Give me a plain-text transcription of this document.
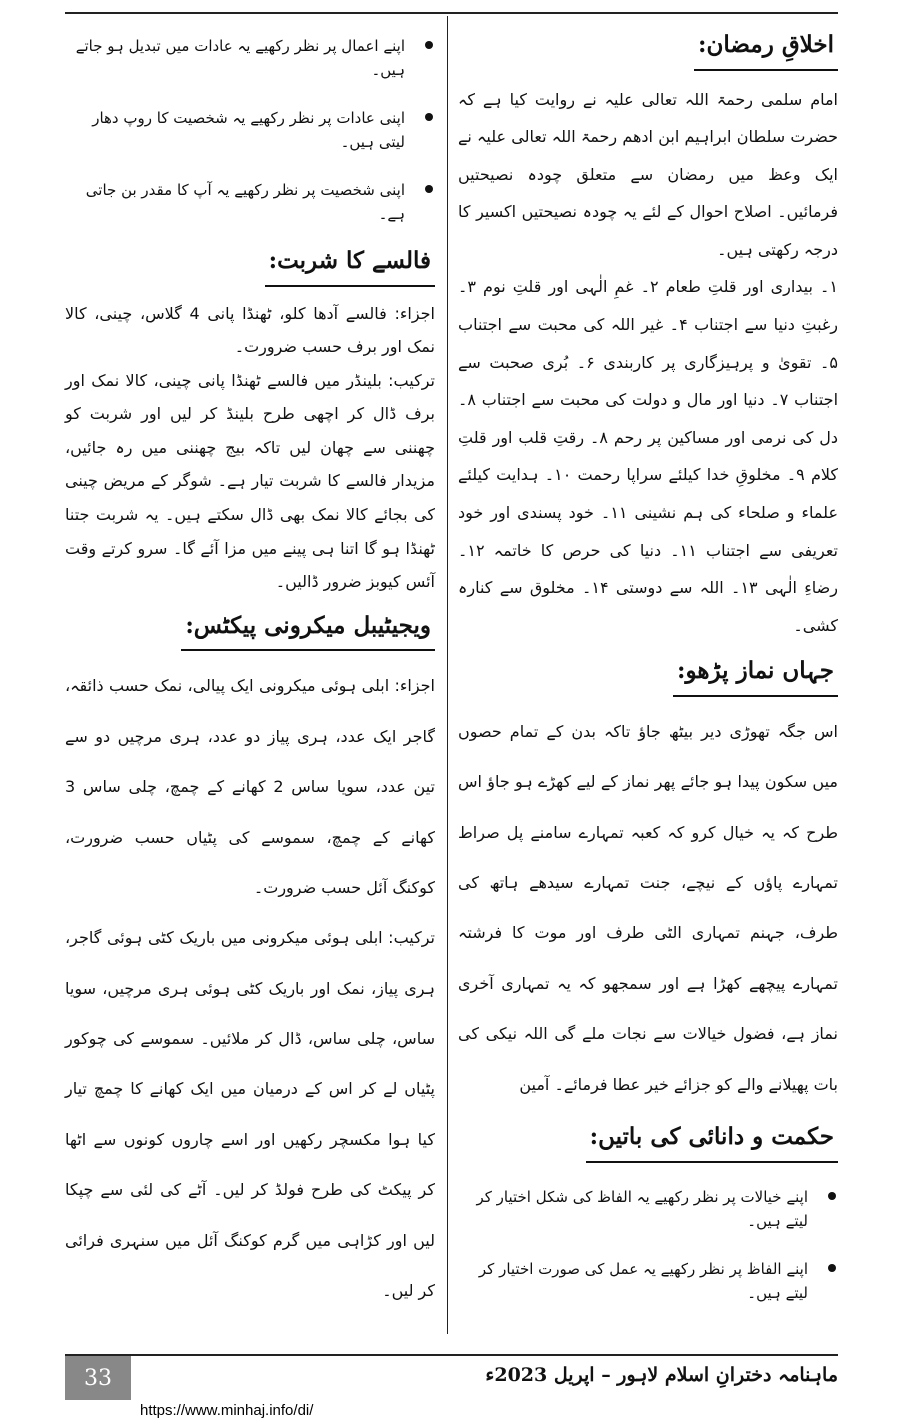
اخلاقِ رمضان:

امام سلمی رحمۃ اللہ تعالی علیہ نے روایت کیا ہے کہ حضرت سلطان ابراہیم ابن ادھم رحمۃ اللہ تعالی علیہ نے ایک وعظ میں رمضان سے متعلق چودہ نصیحتیں فرمائیں۔ اصلاح احوال کے لئے یہ چودہ نصیحتیں اکسیر کا درجہ رکھتی ہیں۔

۱۔ بیداری اور قلتِ طعام ۲۔ غمِ الٰہی اور قلتِ نوم ۳۔ رغبتِ دنیا سے اجتناب ۴۔ غیر اللہ کی محبت سے اجتناب ۵۔ تقویٰ و پرہیزگاری پر کاربندی ۶۔ بُری صحبت سے اجتناب ۷۔ دنیا اور مال و دولت کی محبت سے اجتناب ۸۔ دل کی نرمی اور مساکین پر رحم ۸۔ رقتِ قلب اور قلتِ کلام ۹۔ مخلوقِ خدا کیلئے سراپا رحمت ۱۰۔ ہدایت کیلئے علماء و صلحاء کی ہم نشینی ۱۱۔ خود پسندی اور خود تعریفی سے اجتناب ۱۱۔ دنیا کی حرص کا خاتمہ ۱۲۔ رضاءِ الٰہی ۱۳۔ اللہ سے دوستی ۱۴۔ مخلوق سے کنارہ کشی۔

جہاں نماز پڑھو:

اس جگہ تھوڑی دیر بیٹھ جاؤ تاکہ بدن کے تمام حصوں میں سکون پیدا ہو جائے پھر نماز کے لیے کھڑے ہو جاؤ اس طرح کہ یہ خیال کرو کہ کعبہ تمہارے سامنے پل صراط تمہارے پاؤں کے نیچے، جنت تمہارے سیدھے ہاتھ کی طرف، جہنم تمہاری الٹی طرف اور موت کا فرشتہ تمہارے پیچھے کھڑا ہے اور سمجھو کہ یہ تمہاری آخری نماز ہے، فضول خیالات سے نجات ملے گی اللہ نیکی کی بات پھیلانے والے کو جزائے خیر عطا فرمائے۔ آمین

حکمت و دانائی کی باتیں:
اپنے خیالات پر نظر رکھیے یہ الفاظ کی شکل اختیار کر لیتے ہیں۔
اپنے الفاظ پر نظر رکھیے یہ عمل کی صورت اختیار کر لیتے ہیں۔
اپنے اعمال پر نظر رکھیے یہ عادات میں تبدیل ہو جاتے ہیں۔
اپنی عادات پر نظر رکھیے یہ شخصیت کا روپ دھار لیتی ہیں۔
اپنی شخصیت پر نظر رکھیے یہ آپ کا مقدر بن جاتی ہے۔
فالسے کا شربت:

اجزاء: فالسے آدھا کلو، ٹھنڈا پانی 4 گلاس، چینی، کالا نمک اور برف حسب ضرورت۔

ترکیب: بلینڈر میں فالسے ٹھنڈا پانی چینی، کالا نمک اور برف ڈال کر اچھی طرح بلینڈ کر لیں اور شربت کو چھننی سے چھان لیں تاکہ بیج چھننی میں رہ جائیں، مزیدار فالسے کا شربت تیار ہے۔ شوگر کے مریض چینی کی بجائے کالا نمک بھی ڈال سکتے ہیں۔ یہ شربت جتنا ٹھنڈا ہو گا اتنا ہی پینے میں مزا آئے گا۔ سرو کرتے وقت آئس کیوبز ضرور ڈالیں۔

ویجیٹیبل میکرونی پیکٹس:

اجزاء: ابلی ہوئی میکرونی ایک پیالی، نمک حسب ذائقہ، گاجر ایک عدد، ہری پیاز دو عدد، ہری مرچیں دو سے تین عدد، سویا ساس 2 کھانے کے چمچ، چلی ساس 3 کھانے کے چمچ، سموسے کی پٹیاں حسب ضرورت، کوکنگ آئل حسب ضرورت۔

ترکیب: ابلی ہوئی میکرونی میں باریک کٹی ہوئی گاجر، ہری پیاز، نمک اور باریک کٹی ہوئی ہری مرچیں، سویا ساس، چلی ساس، ڈال کر ملائیں۔ سموسے کی چوکور پٹیاں لے کر اس کے درمیان میں ایک کھانے کا چمچ تیار کیا ہوا مکسچر رکھیں اور اسے چاروں کونوں سے اٹھا کر پیکٹ کی طرح فولڈ کر لیں۔ آٹے کی لئی سے چپکا لیں اور کڑاہی میں گرم کوکنگ آئل میں سنہری فرائی کر لیں۔

33	ماہنامہ دخترانِ اسلام لاہور – اپریل 2023ء
https://www.minhaj.info/di/
